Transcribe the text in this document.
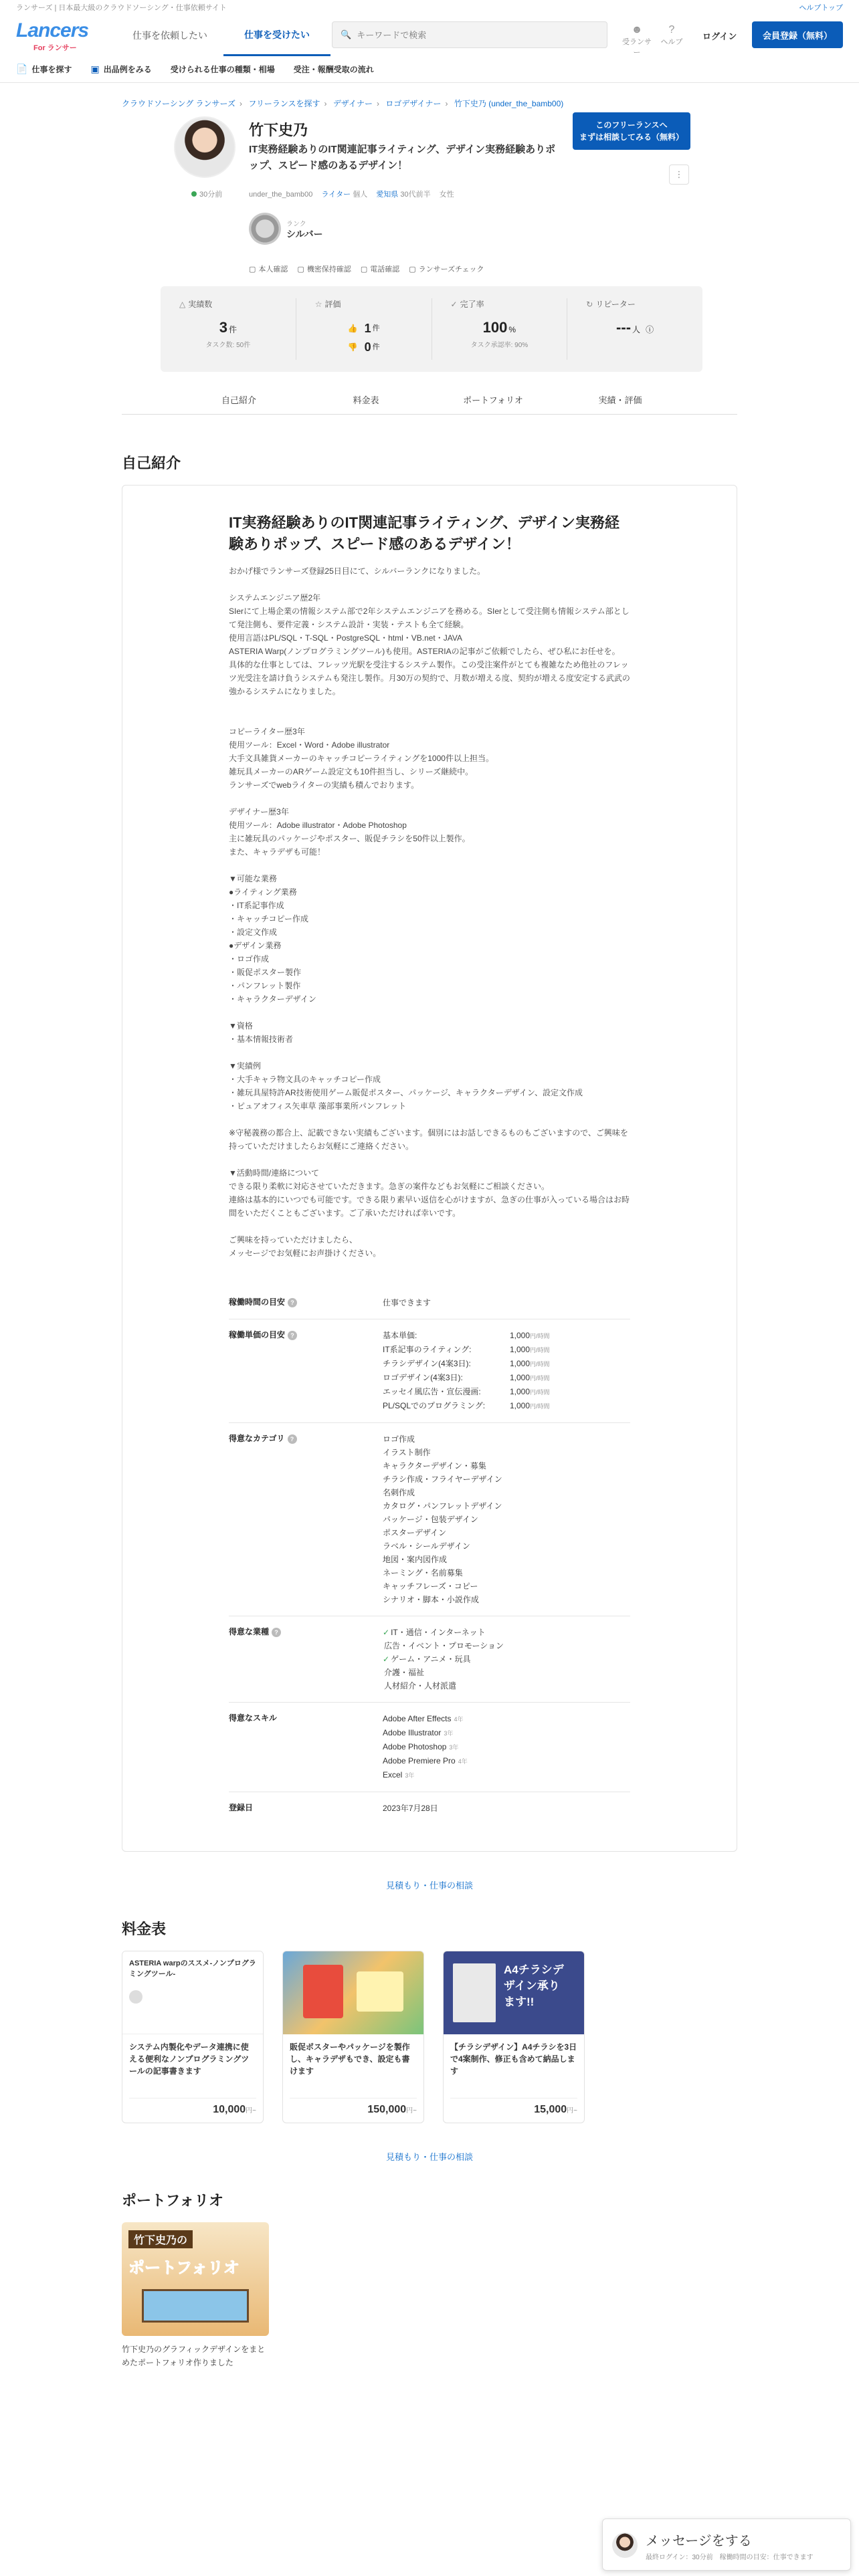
ランサーズ | 日本最大級のクラウドソーシング・仕事依頼サイト	ヘルプトップ
Lancers
For ランサー
仕事を依頼したい	仕事を受けたい	🔍
キーワードで検索	☻
受ランサー
?
ヘルプ
ログイン	会員登録（無料）
📄 仕事を探す ▣ 出品例をみる 受けられる仕事の種類・相場 受注・報酬受取の流れ
クラウドソーシング ランサーズ › フリーランスを探す › デザイナー › ロゴデザイナー › 竹下史乃 (under_the_bamb00)
30分前
竹下史乃
IT実務経験ありのIT関連記事ライティング、デザイン実務経験ありポップ、スピード感のあるデザイン！
under_the_bamb00 ライター 個人 愛知県 30代前半 女性
ランク
シルバー
▢ 本人確認 ▢ 機密保持確認 ▢ 電話確認 ▢ ランサーズチェック
このフリーランスへ
まずは相談してみる（無料）
⋮
△ 実績数
3 件
タスク数: 50件
☆ 評価
👍 1 件
👎 0 件
✓ 完了率
100 %
タスク承認率: 90%
↻ リピーター
--- 人 ⓘ
自己紹介	料金表	ポートフォリオ	実績・評価
自己紹介
IT実務経験ありのIT関連記事ライティング、デザイン実務経験ありポップ、スピード感のあるデザイン！
おかげ様でランサーズ登録25日目にて、シルバーランクになりました。

システムエンジニア歴2年
SIerにて上場企業の情報システム部で2年システムエンジニアを務める。SIerとして受注側も情報システム部として発注側も、要件定義・システム設計・実装・テストも全て経験。
使用言語はPL/SQL・T-SQL・PostgreSQL・html・VB.net・JAVA
ASTERIA Warp(ノンプログラミングツール)も使用。ASTERIAの記事がご依頼でしたら、ぜひ私にお任せを。
具体的な仕事としては、フレッツ光駅を受注するシステム製作。この受注案件がとても複雑なため他社のフレッツ光受注を請け負うシステムも発注し製作。月30万の契約で、月数が増える度、契約が増える度安定する武武の強かるシステムになりました。

コピーライター歴3年
使用ツール：Excel・Word・Adobe illustrator
大手文具雑貨メーカーのキャッチコピーライティングを1000件以上担当。
雑玩具メーカーのARゲーム設定文も10件担当し、シリーズ継続中。
ランサーズでwebライターの実績も積んでおります。

デザイナー歴3年
使用ツール：Adobe illustrator・Adobe Photoshop
主に雑玩具のパッケージやポスター、販促チラシを50件以上製作。
また、キャラデザも可能！

▼可能な業務
●ライティング業務
・IT系記事作成
・キャッチコピー作成
・設定文作成
●デザイン業務
・ロゴ作成
・販促ポスター製作
・パンフレット製作
・キャラクターデザイン

▼資格
・基本情報技術者

▼実績例
・大手キャラ物文具のキャッチコピー作成
・雑玩具屋特許AR技術使用ゲーム販促ポスター、パッケージ、キャラクターデザイン、設定文作成
・ピュアオフィス矢車草 藻部事業所パンフレット

※守秘義務の都合上、記載できない実績もございます。個別にはお話しできるものもございますので、ご興味を持っていただけましたらお気軽にご連絡ください。

▼活動時間/連絡について
できる限り柔軟に対応させていただきます。急ぎの案件などもお気軽にご相談ください。
連絡は基本的にいつでも可能です。できる限り素早い返信を心がけますが、急ぎの仕事が入っている場合はお時間をいただくこともございます。ご了承いただければ幸いです。

ご興味を持っていただけましたら、
メッセージでお気軽にお声掛けください。
稼働時間の目安 ?	仕事できます
稼働単価の目安 ?	基本単価:	1,000円/時間
IT系記事のライティング:	1,000円/時間
チラシデザイン(4案3日):	1,000円/時間
ロゴデザイン(4案3日):	1,000円/時間
エッセイ風広告・宣伝漫画:	1,000円/時間
PL/SQLでのプログラミング:	1,000円/時間
得意なカテゴリ ?	ロゴ作成
イラスト制作
キャラクターデザイン・募集
チラシ作成・フライヤーデザイン
名刺作成
カタログ・パンフレットデザイン
パッケージ・包装デザイン
ポスターデザイン
ラベル・シールデザイン
地図・案内図作成
ネーミング・名前募集
キャッチフレーズ・コピー
シナリオ・脚本・小説作成
得意な業種 ?	✓ IT・通信・インターネット
広告・イベント・プロモーション
✓ ゲーム・アニメ・玩具
介護・福祉
人材紹介・人材派遣
得意なスキル	Adobe After Effects 4年
Adobe Illustrator 3年
Adobe Photoshop 3年
Adobe Premiere Pro 4年
Excel 3年
登録日	2023年7月28日
見積もり・仕事の相談
料金表
ASTERIA warpのススメ-ノンプログラミングツール-
システム内製化やデータ連携に使える便利なノンプログラミングツールの記事書きます
10,000円~
販促ポスターやパッケージを製作し、キャラデザもでき、設定も書けます
150,000円~
A4チラシデザイン承ります!!
【チラシデザイン】A4チラシを3日で4案制作、修正も含めて納品します
15,000円~
見積もり・仕事の相談
ポートフォリオ
竹下史乃の
ポートフォリオ
竹下史乃のグラフィックデザインをまとめたポートフォリオ作りました
メッセージをする
最終ログイン：30分前　稼働時間の目安：仕事できます
